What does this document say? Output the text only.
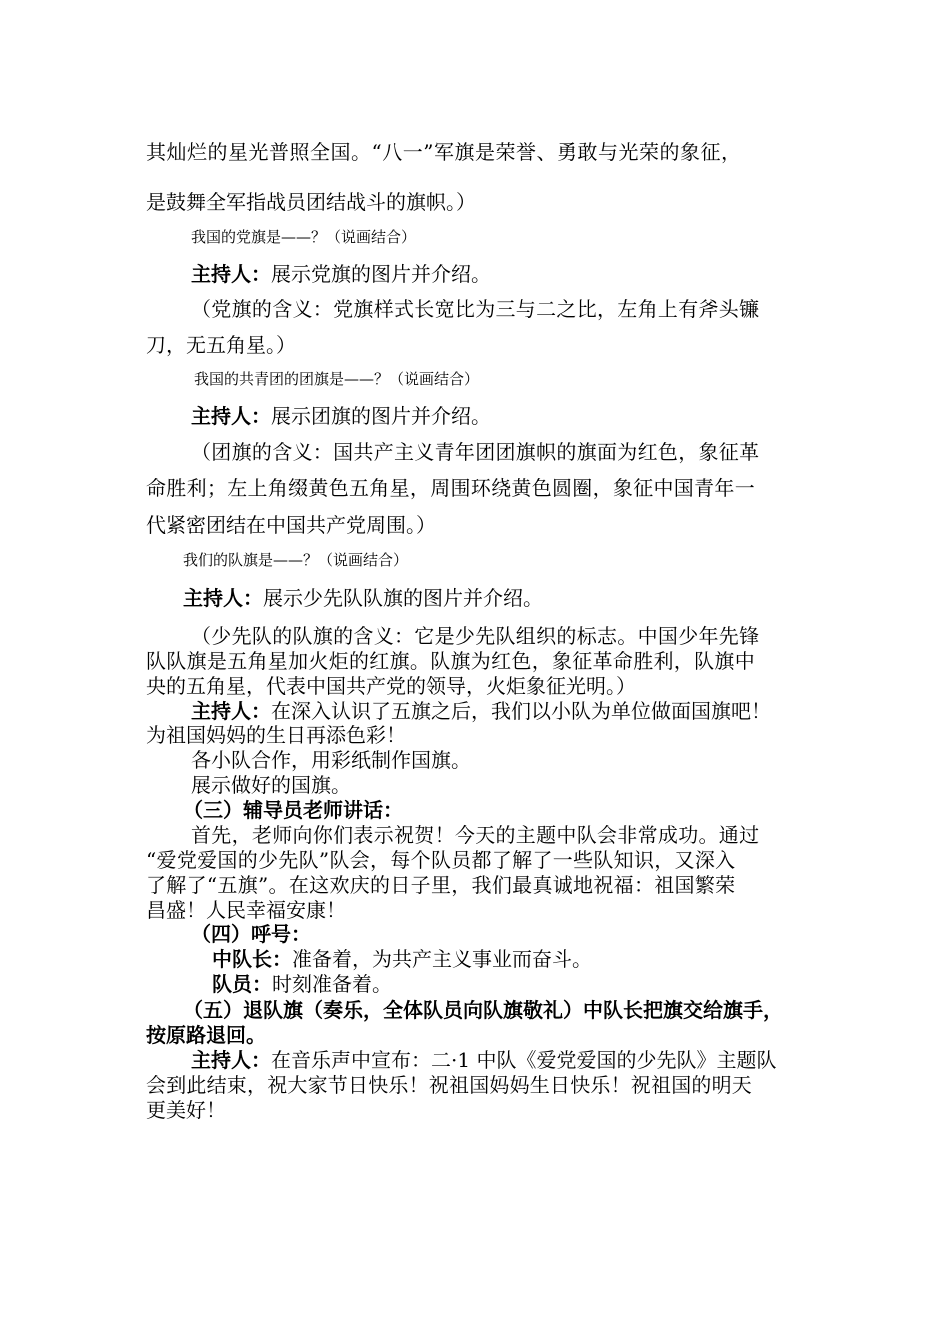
其灿烂的星光普照全国。“八一”军旗是荣誉、勇敢与光荣的象征，
是鼓舞全军指战员团结战斗的旗帜。）
我国的党旗是——？（说画结合）
主持人：展示党旗的图片并介绍。
（党旗的含义：党旗样式长宽比为三与二之比，左角上有斧头镰
刀，无五角星。）
我国的共青团的团旗是——？（说画结合）
主持人：展示团旗的图片并介绍。
（团旗的含义：国共产主义青年团团旗帜的旗面为红色，象征革
命胜利；左上角缀黄色五角星，周围环绕黄色圆圈，象征中国青年一
代紧密团结在中国共产党周围。）
我们的队旗是——？（说画结合）
主持人：展示少先队队旗的图片并介绍。
（少先队的队旗的含义：它是少先队组织的标志。中国少年先锋
队队旗是五角星加火炬的红旗。队旗为红色，象征革命胜利，队旗中
央的五角星，代表中国共产党的领导，火炬象征光明。）
主持人：在深入认识了五旗之后，我们以小队为单位做面国旗吧！
为祖国妈妈的生日再添色彩！
各小队合作，用彩纸制作国旗。
展示做好的国旗。
（三）辅导员老师讲话：
首先，老师向你们表示祝贺！今天的主题中队会非常成功。通过
“爱党爱国的少先队”队会，每个队员都了解了一些队知识，又深入
了解了“五旗”。在这欢庆的日子里，我们最真诚地祝福：祖国繁荣
昌盛！人民幸福安康！
（四）呼号：
中队长：准备着，为共产主义事业而奋斗。
队员：时刻准备着。
（五）退队旗（奏乐，全体队员向队旗敬礼）中队长把旗交给旗手，
按原路退回。
主持人：在音乐声中宣布：二·1 中队《爱党爱国的少先队》主题队
会到此结束，祝大家节日快乐！祝祖国妈妈生日快乐！祝祖国的明天
更美好！
